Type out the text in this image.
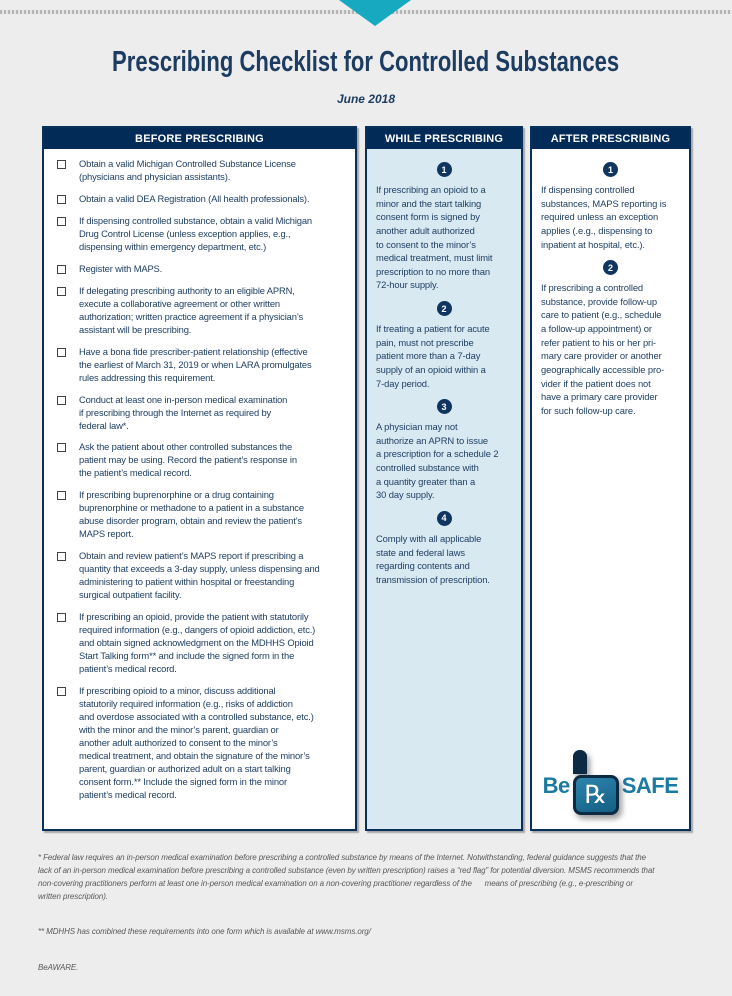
Prescribing Checklist for Controlled Substances
June 2018
BEFORE PRESCRIBING
Obtain a valid Michigan Controlled Substance License
(physicians and physician assistants).
Obtain a valid DEA Registration (All health professionals).
If dispensing controlled substance, obtain a valid Michigan
Drug Control License (unless exception applies, e.g.,
dispensing within emergency department, etc.)
Register with MAPS.
If delegating prescribing authority to an eligible APRN,
execute a collaborative agreement or other written
authorization; written practice agreement if a physician’s
assistant will be prescribing.
Have a bona fide prescriber-patient relationship (effective
the earliest of March 31, 2019 or when LARA promulgates
rules addressing this requirement.
Conduct at least one in-person medical examination
if prescribing through the Internet as required by
federal law*.
Ask the patient about other controlled substances the
patient may be using. Record the patient’s response in
the patient’s medical record.
If prescribing buprenorphine or a drug containing
buprenorphine or methadone to a patient in a substance
abuse disorder program, obtain and review the patient’s
MAPS report.
Obtain and review patient’s MAPS report if prescribing a
quantity that exceeds a 3-day supply, unless dispensing and
administering to patient within hospital or freestanding
surgical outpatient facility.
If prescribing an opioid, provide the patient with statutorily
required information (e.g., dangers of opioid addiction, etc.)
and obtain signed acknowledgment on the MDHHS Opioid
Start Talking form** and include the signed form in the
patient’s medical record.
If prescribing opioid to a minor, discuss additional
statutorily required information (e.g., risks of addiction
and overdose associated with a controlled substance, etc.)
with the minor and the minor’s parent, guardian or
another adult authorized to consent to the minor’s
medical treatment, and obtain the signature of the minor’s
parent, guardian or authorized adult on a start talking
consent form.** Include the signed form in the minor
patient’s medical record.
WHILE PRESCRIBING
1
If prescribing an opioid to a
minor and the start talking
consent form is signed by
another adult authorized
to consent to the minor’s
medical treatment, must limit
prescription to no more than
72-hour supply.
2
If treating a patient for acute
pain, must not prescribe
patient more than a 7-day
supply of an opioid within a
7-day period.
3
A physician may not
authorize an APRN to issue
a prescription for a schedule 2
controlled substance with
a quantity greater than a
30 day supply.
4
Comply with all applicable
state and federal laws
regarding contents and
transmission of prescription.
AFTER PRESCRIBING
1
If dispensing controlled
substances, MAPS reporting is
required unless an exception
applies (.e.g., dispensing to
inpatient at hospital, etc.).
2
If prescribing a controlled
substance, provide follow-up
care to patient (e.g., schedule
a follow-up appointment) or
refer patient to his or her pri-
mary care provider or another
geographically accessible pro-
vider if the patient does not
have a primary care provider
for such follow-up care.
Be ℞ SAFE

* Federal law requires an in-person medical examination before prescribing a controlled substance by means of the Internet. Notwithstanding, federal guidance suggests that the
lack of an in-person medical examination before prescribing a controlled substance (even by written prescription) raises a “red flag” for potential diversion. MSMS recommends that
non-covering practitioners perform at least one in-person medical examination on a non-covering practitioner regardless of the      means of prescribing (e.g., e-prescribing or
written prescription).

** MDHHS has combined these requirements into one form which is available at www.msms.org/

BeAWARE.
